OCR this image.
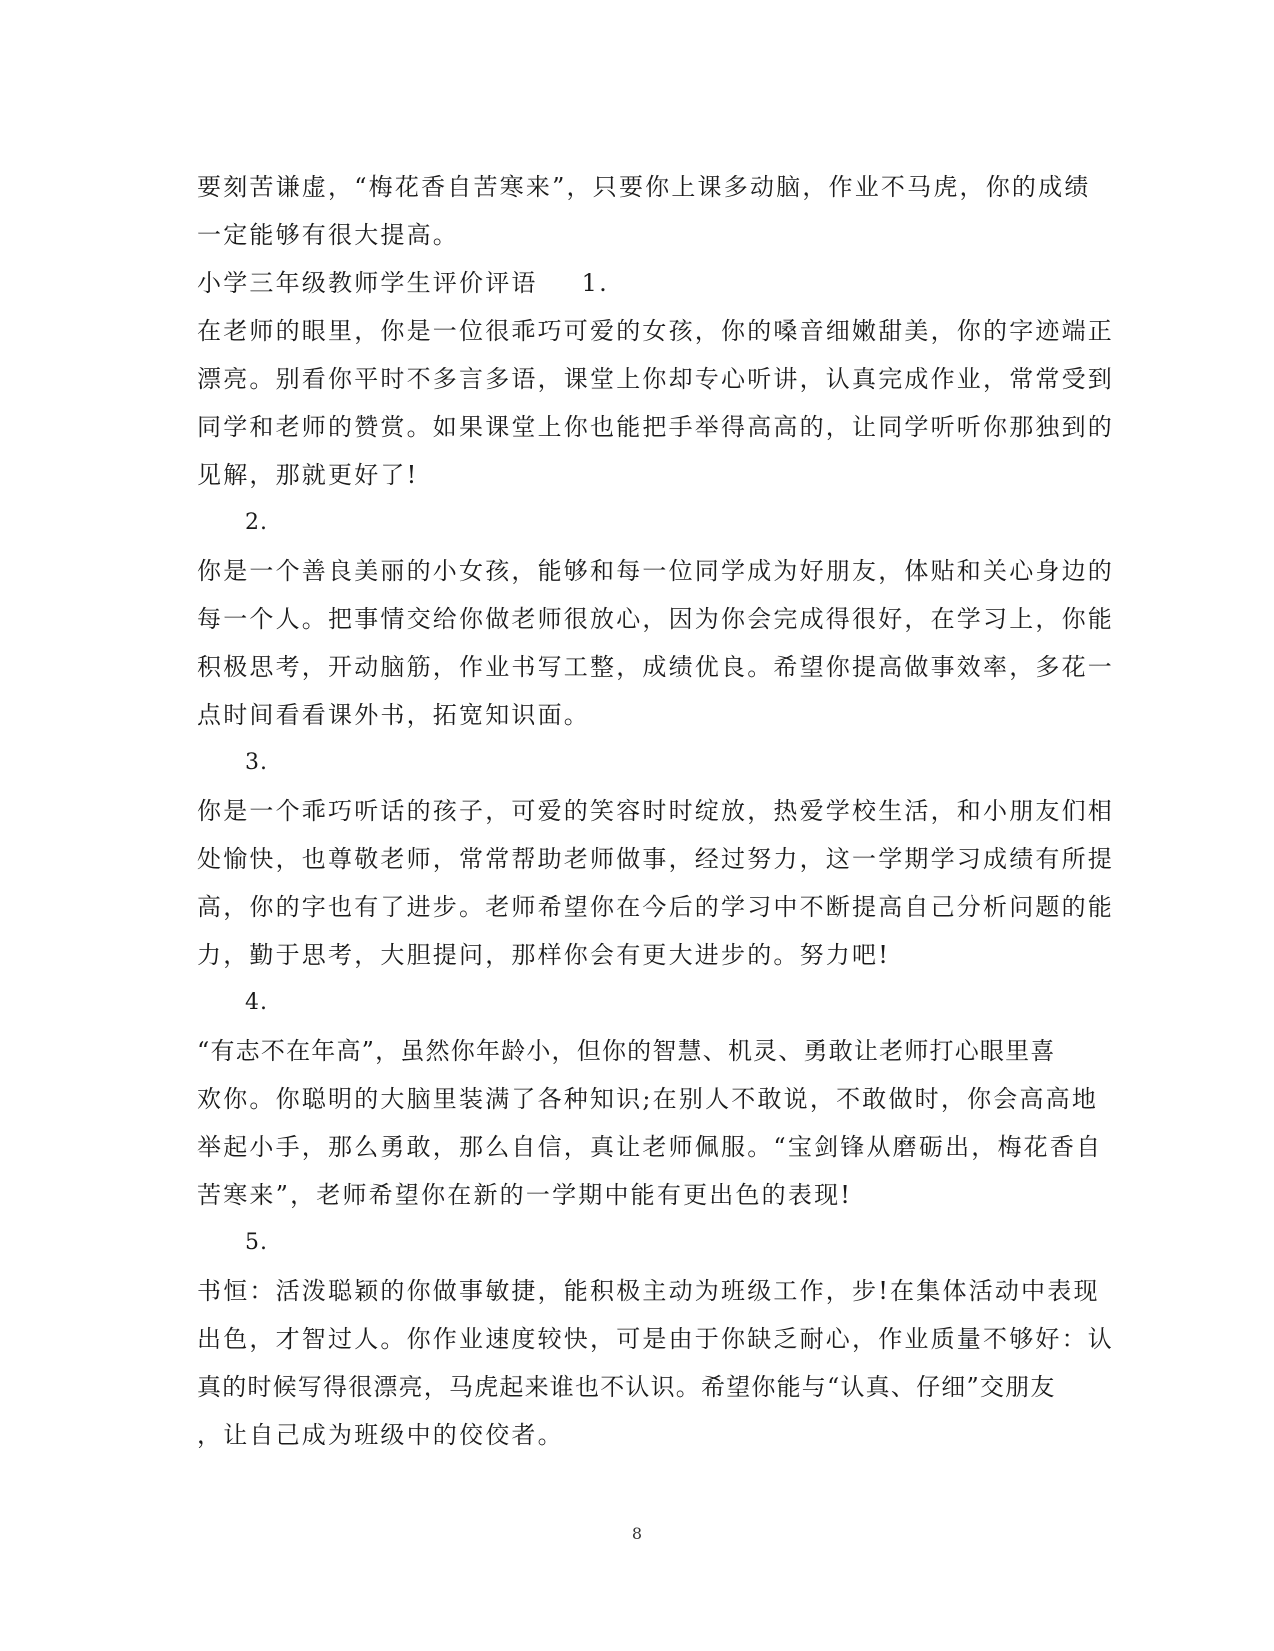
要刻苦谦虚，“梅花香自苦寒来”，只要你上课多动脑，作业不马虎，你的成绩
一定能够有很大提高。
小学三年级教师学生评价评语 1.
在老师的眼里，你是一位很乖巧可爱的女孩，你的嗓音细嫩甜美，你的字迹端正
漂亮。别看你平时不多言多语，课堂上你却专心听讲，认真完成作业，常常受到
同学和老师的赞赏。如果课堂上你也能把手举得高高的，让同学听听你那独到的
见解，那就更好了!
2.
你是一个善良美丽的小女孩，能够和每一位同学成为好朋友，体贴和关心身边的
每一个人。把事情交给你做老师很放心，因为你会完成得很好，在学习上，你能
积极思考，开动脑筋，作业书写工整，成绩优良。希望你提高做事效率，多花一
点时间看看课外书，拓宽知识面。
3.
你是一个乖巧听话的孩子，可爱的笑容时时绽放，热爱学校生活，和小朋友们相
处愉快，也尊敬老师，常常帮助老师做事，经过努力，这一学期学习成绩有所提
高，你的字也有了进步。老师希望你在今后的学习中不断提高自己分析问题的能
力，勤于思考，大胆提问，那样你会有更大进步的。努力吧!
4.
“有志不在年高”，虽然你年龄小，但你的智慧、机灵、勇敢让老师打心眼里喜
欢你。你聪明的大脑里装满了各种知识;在别人不敢说，不敢做时，你会高高地
举起小手，那么勇敢，那么自信，真让老师佩服。“宝剑锋从磨砺出，梅花香自
苦寒来”，老师希望你在新的一学期中能有更出色的表现!
5.
书恒：活泼聪颖的你做事敏捷，能积极主动为班级工作，步!在集体活动中表现
出色，才智过人。你作业速度较快，可是由于你缺乏耐心，作业质量不够好：认
真的时候写得很漂亮，马虎起来谁也不认识。希望你能与“认真、仔细”交朋友
，让自己成为班级中的佼佼者。
8
